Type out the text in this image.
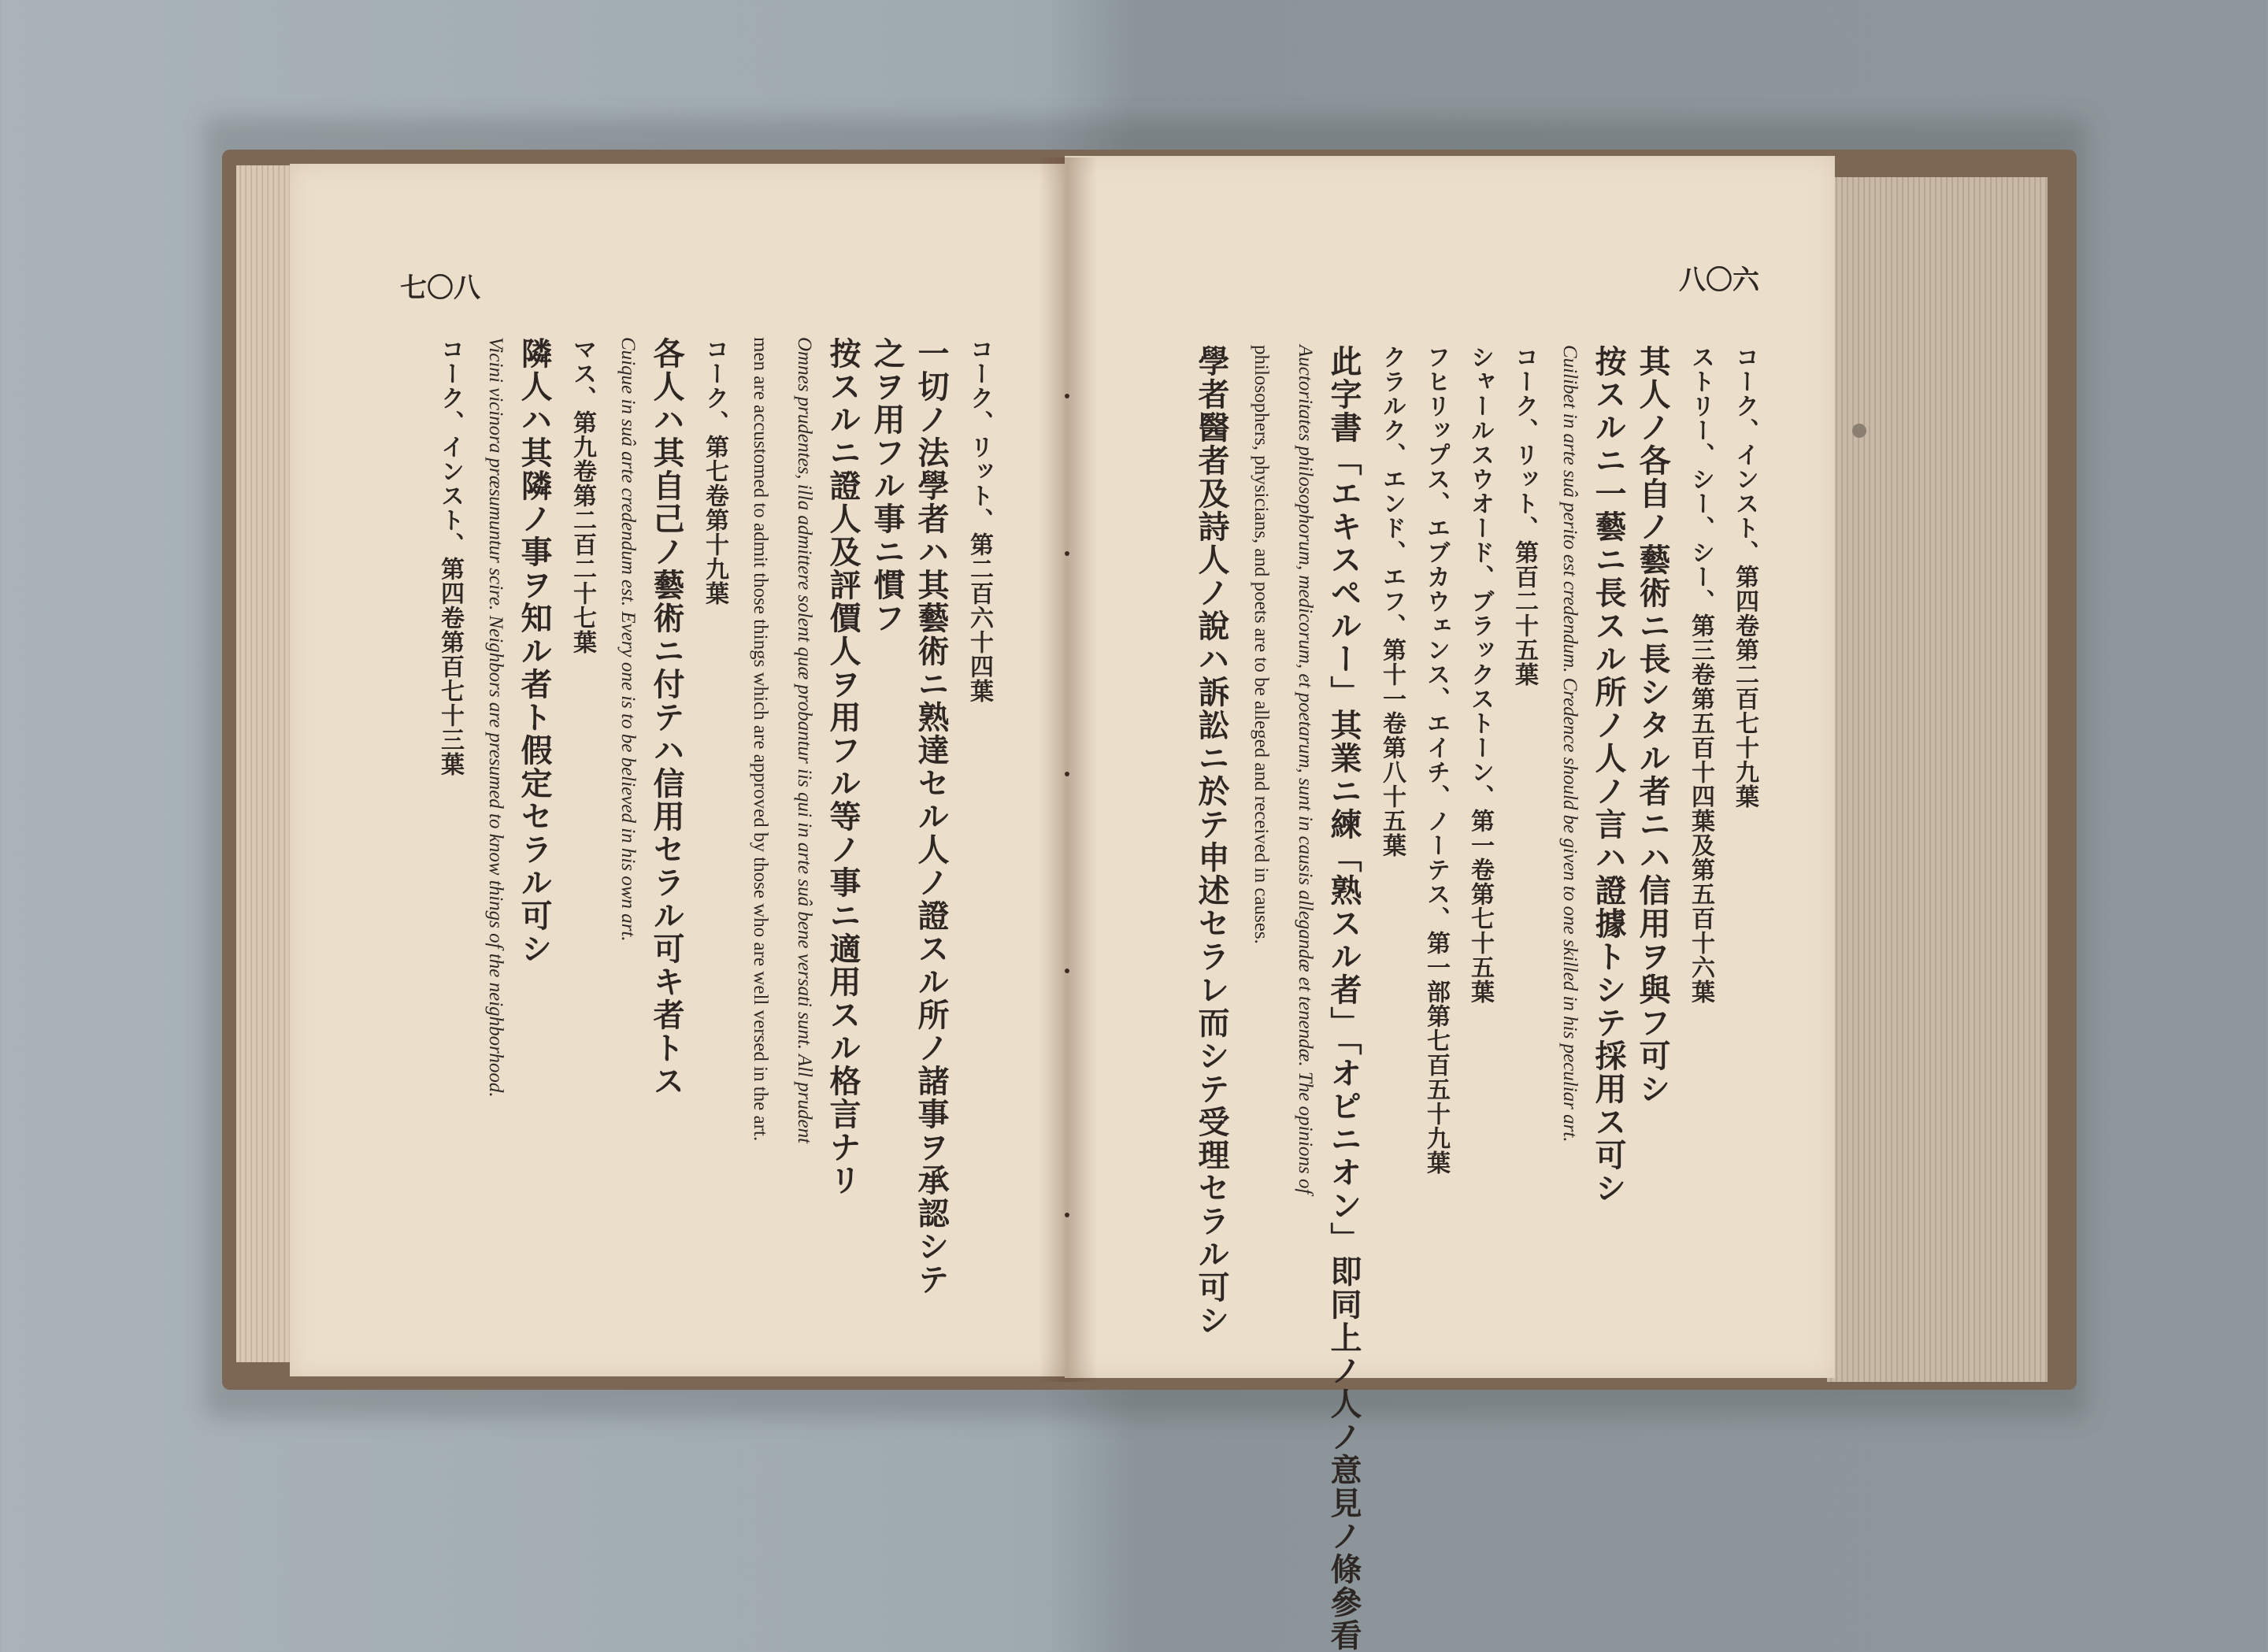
七〇八
コーク、リット、第二百六十四葉
一切ノ法學者ハ其藝術ニ熟達セル人ノ證スル所ノ諸事ヲ承認シテ
之ヲ用フル事ニ慣フ
按スルニ證人及評價人ヲ用フル等ノ事ニ適用スル格言ナリ
Omnes prudentes, illa admittere solent quæ probantur iis qui in arte suâ bene versati sunt. All prudent
men are accustomed to admit those things which are approved by those who are well versed in the art.
コーク、第七卷第十九葉
各人ハ其自己ノ藝術ニ付テハ信用セラル可キ者トス
Cuique in suâ arte credendum est. Every one is to be believed in his own art.
マス、第九卷第二百二十七葉
隣人ハ其隣ノ事ヲ知ル者ト假定セラル可シ
Vicini vicinora præsumuntur scire. Neighbors are presumed to know things of the neighborhood.
コーク、インスト、第四卷第百七十三葉
八〇六
コーク、インスト、第四卷第二百七十九葉
ストリー、シー、シー、第三卷第五百十四葉及第五百十六葉
其人ノ各自ノ藝術ニ長シタル者ニハ信用ヲ與フ可シ
按スルニ一藝ニ長スル所ノ人ノ言ハ證據トシテ採用ス可シ
Cuilibet in arte suâ perito est credendum. Credence should be given to one skilled in his peculiar art.
コーク、リット、第百二十五葉
シャールスウオード、ブラックストーン、第一卷第七十五葉
フヒリップス、エブカウェンス、エイチ、ノーテス、第一部第七百五十九葉
クラルク、エンド、エフ、第十一卷第八十五葉
此字書「エキスペルー」其業ニ練「熟スル者」「オピニオン」即同上ノ人ノ意見ノ條參看
Auctoritates philosophorum, medicorum, et poetarum, sunt in causis allegandæ et tenendæ. The opinions of
philosophers, physicians, and poets are to be alleged and received in causes.
學者醫者及詩人ノ說ハ訴訟ニ於テ申述セラレ而シテ受理セラル可シ
